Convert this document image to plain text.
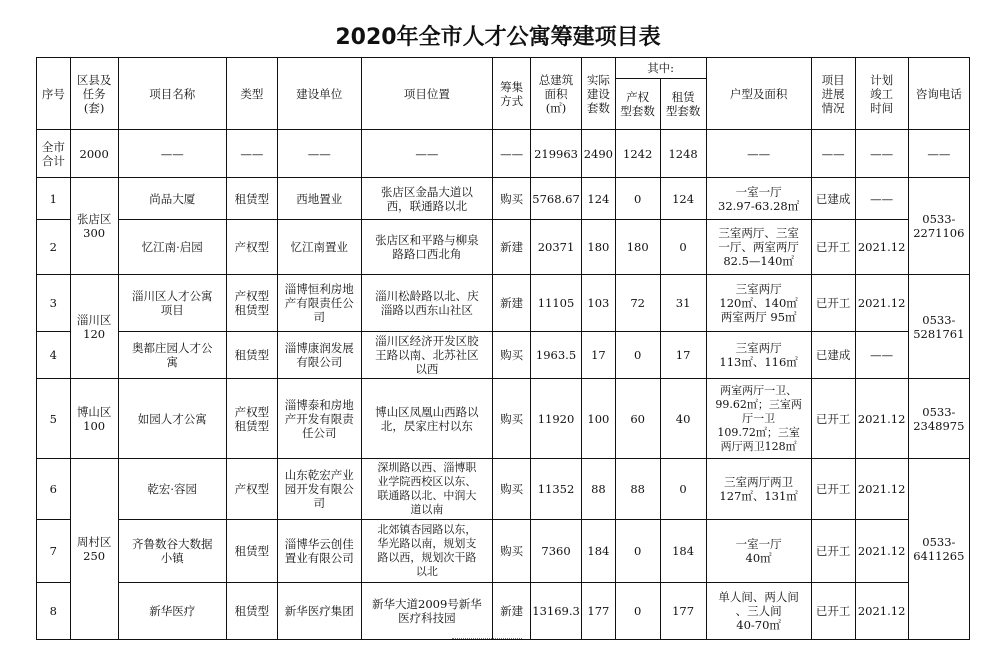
2020年全市人才公寓筹建项目表
序号	区县及
任务
(套)	项目名称	类型	建设单位	项目位置	筹集
方式	总建筑
面积
(㎡)	实际
建设
套数	其中:		户型及面积	项目
进展
情况	计划
竣工
时间	咨询电话
									产权
型套数	租赁
型套数				
全市
合计	2000	——	——	——	——	——	219963	2490	1242	1248	——	——	——	——
1	张店区
300	尚品大厦	租赁型	西地置业	张店区金晶大道以
西，联通路以北	购买	5768.67	124	0	124	一室一厅
32.97-63.28㎡	已建成	——	0533-
2271106
2		忆江南·启园	产权型	忆江南置业	张店区和平路与柳泉
路路口西北角	新建	20371	180	180	0	三室两厅、三室
一厅、两室两厅
82.5—140㎡	已开工	2021.12	
3	淄川区
120	淄川区人才公寓
项目	产权型
租赁型	淄博恒利房地
产有限责任公
司	淄川松龄路以北、庆
淄路以西东山社区	新建	11105	103	72	31	三室两厅
120㎡、140㎡
两室两厅 95㎡	已开工	2021.12	0533-
5281761
4		奥都庄园人才公
寓	租赁型	淄博康润发展
有限公司	淄川区经济开发区胶
王路以南、北苏社区
以西	购买	1963.5	17	0	17	三室两厅
113㎡、116㎡	已建成	——	
5	博山区
100	如园人才公寓	产权型
租赁型	淄博泰和房地
产开发有限责
任公司	博山区凤凰山西路以
北，昃家庄村以东	购买	11920	100	60	40	两室两厅一卫、
99.62㎡；三室两
厅一卫
109.72㎡；三室
两厅两卫128㎡	已开工	2021.12	0533-
2348975
6	周村区
250	乾宏·容园	产权型	山东乾宏产业
园开发有限公
司	深圳路以西、淄博职
业学院西校区以东、
联通路以北、中润大
道以南	购买	11352	88	88	0	三室两厅两卫
127㎡、131㎡	已开工	2021.12	0533-
6411265
7		齐鲁数谷大数据
小镇	租赁型	淄博华云创佳
置业有限公司	北郊镇杏园路以东，
华光路以南，规划支
路以西，规划次干路
以北	购买	7360	184	0	184	一室一厅
40㎡	已开工	2021.12	
8		新华医疗	租赁型	新华医疗集团	新华大道2009号新华
医疗科技园	新建	13169.3	177	0	177	单人间、两人间
、三人间
40-70㎡	已开工	2021.12	
